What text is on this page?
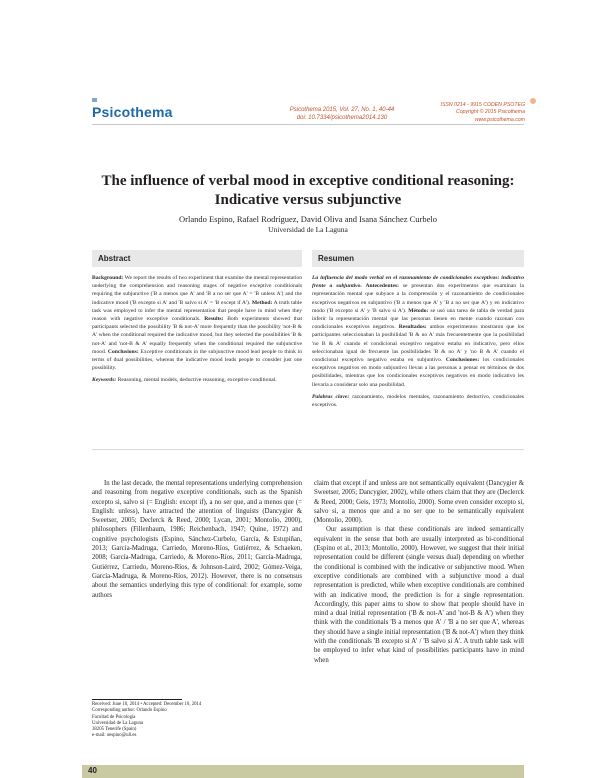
Psicothema	Psicothema 2015, Vol. 27, No. 1, 40-44
doi: 10.7334/psicothema2014.130
ISSN 0214 - 9915 CODEN PSOTEG
Copyright © 2015 Psicothema
www.psicothema.com
The influence of verbal mood in exceptive conditional reasoning:
Indicative versus subjunctive
Orlando Espino, Rafael Rodríguez, David Oliva and Isana Sánchez Curbelo
Universidad de La Laguna
Abstract
Background: We report the results of two experiment that examine the mental representation underlying the comprehension and reasoning stages of negative exceptive conditionals requiring the subjunctive ('B a menos que A' and 'B a no ser que A' = 'B unless A') and the indicative mood ('B excepto si A' and 'B salvo si A' = 'B except if A'). Method: A truth table task was employed to infer the mental representation that people have in mind when they reason with negative exceptive conditionals. Results: Both experiments showed that participants selected the possibility 'B & not-A' more frequently than the possibility 'not-B & A' when the conditional required the indicative mood, but they selected the possibilities 'B & not-A' and 'not-B & A' equally frequently when the conditional required the subjunctive mood. Conclusions: Exceptive conditionals in the subjunctive mood lead people to think in terms of dual possibilities, whereas the indicative mood leads people to consider just one possibility.
Keywords: Reasoning, mental models, deductive reasoning, exceptive conditional.
Resumen
La influencia del modo verbal en el razonamiento de condicionales exceptivos: indicativo frente a subjuntivo. Antecedentes: se presentan dos experimentos que examinan la representación mental que subyace a la comprensión y el razonamiento de condicionales exceptivos negativos en subjuntivo ('B a menos que A' y 'B a no ser que A') y en indicativo modo ('B excepto si A' y 'B salvo si A'). Método: se usó una tarea de tabla de verdad para inferir la representación mental que las personas tienen en mente cuando razonan con condicionales exceptivos negativos. Resultados: ambos experimentos mostraron que los participantes seleccionaban la posibilidad 'B & no A' más frecuentemente que la posibilidad 'no B & A' cuando el condicional exceptivo negativo estaba en indicativo, pero ellos seleccionaban igual de frecuente las posibilidades 'B & no A' y 'no B & A' cuando el condicional exceptivo negativo estaba en subjuntivo. Conclusiones: los condicionales exceptivos negativos en modo subjuntivo llevan a las personas a pensar en términos de dos posibilidades, mientras que los condicionales exceptivos negativos en modo indicativo les llevaría a considerar solo una posibilidad.
Palabras clave: razonamiento, modelos mentales, razonamiento deductivo, condicionales exceptivos.
In the last decade, the mental representations underlying comprehension and reasoning from negative exceptive conditionals, such as the Spanish excepto si, salvo si (= English: except if), a no ser que, and a menos que (= English: unless), have attracted the attention of linguists (Dancygier & Sweetser, 2005; Declerck & Reed, 2000; Lycan, 2001; Montolío, 2000), philosophers (Fillenbaum, 1986; Reichenbach, 1947; Quine, 1972) and cognitive psychologists (Espino, Sánchez-Curbelo, García, & Estupiñan, 2013; García-Madruga, Carriedo, Moreno-Ríos, Gutiérrez, & Schaeken, 2008; García-Madruga, Carriedo, & Moreno-Ríos, 2011; García-Madruga, Gutiérrez, Carriedo, Moreno-Ríos, & Johnson-Laird, 2002; Gómez-Veiga, García-Madruga, & Moreno-Ríos, 2012). However, there is no consensus about the semantics underlying this type of conditional: for example, some authors

claim that except if and unless are not semantically equivalent (Dancygier & Sweetser, 2005; Dancygier, 2002), while others claim that they are (Declerck & Reed, 2000; Geis, 1973; Montolío, 2000). Some even consider excepto si, salvo si, a menos que and a no ser que to be semantically equivalent (Montolío, 2000).

Our assumption is that these conditionals are indeed semantically equivalent in the sense that both are usually interpreted as bi-conditional (Espino et al., 2013; Montolío, 2000). However, we suggest that their initial representation could be different (single versus dual) depending on whether the conditional is combined with the indicative or subjunctive mood. When exceptive conditionals are combined with a subjunctive mood a dual representation is predicted, while when exceptive conditionals are combined with an indicative mood, the prediction is for a single representation. Accordingly, this paper aims to show to show that people should have in mind a dual initial representation ('B & not-A' and 'not-B & A') when they think with the conditionals 'B a menos que A' / 'B a no ser que A', whereas they should have a single initial representation ('B & not-A') when they think with the conditionals 'B excepto si A' / 'B salvo si A'. A truth table task will be employed to infer what kind of possibilities participants have in mind when

Received: June 10, 2014 • Accepted: December 10, 2014
Corresponding author: Orlando Espino
Facultad de Psicología
Universidad de La Laguna
38205 Tenerife (Spain)
e-mail: oespino@ull.es
40
